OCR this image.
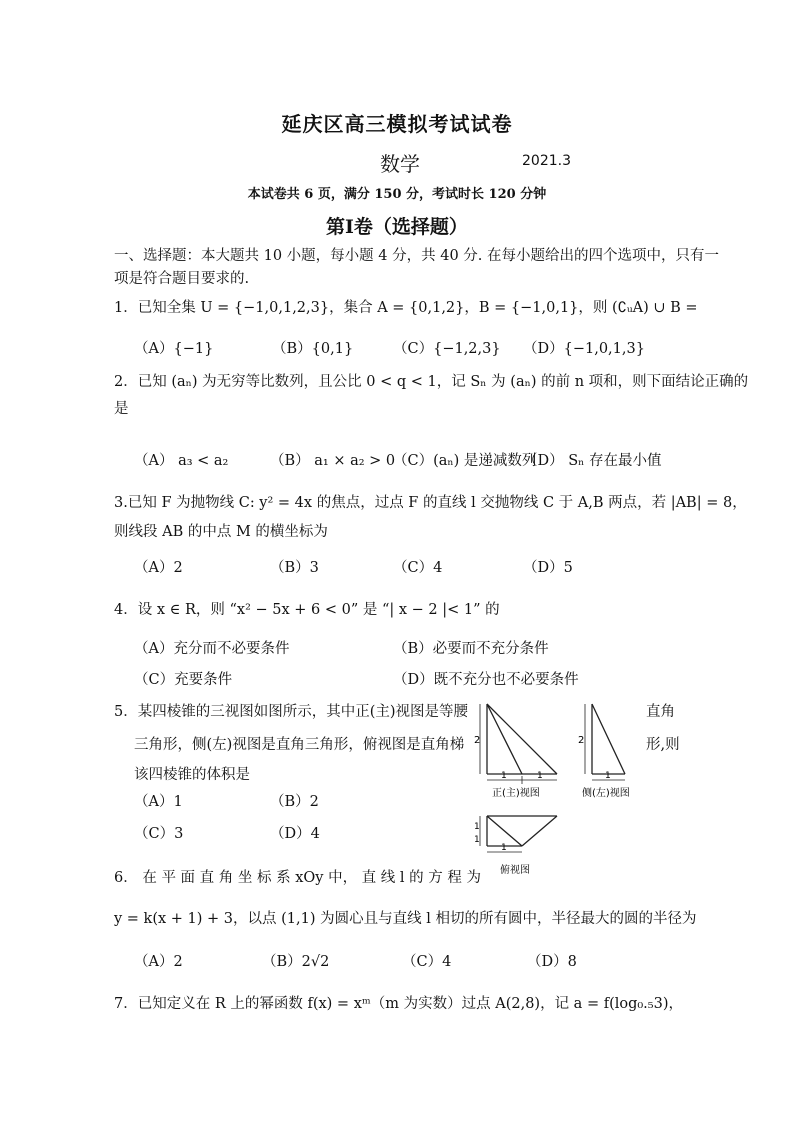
延庆区高三模拟考试试卷
数学	2021.3
本试卷共 6 页，满分 150 分，考试时长 120 分钟
第Ⅰ卷（选择题）
一、选择题：本大题共 10 小题，每小题 4 分，共 40 分. 在每小题给出的四个选项中，只有一
项是符合题目要求的.
1．已知全集 U = {−1,0,1,2,3}，集合 A = {0,1,2}，B = {−1,0,1}，则 (∁ᵤA) ∪ B =
（A）{−1}	（B）{0,1}	（C）{−1,2,3} （D）{−1,0,1,3}
2．已知 (aₙ) 为无穷等比数列，且公比 0 < q < 1，记 Sₙ 为 (aₙ) 的前 n 项和，则下面结论正确的
是
（A） a₃ < a₂	（B） a₁ × a₂ > 0
（C）(aₙ) 是递减数列
（D） Sₙ 存在最小值
3.已知 F 为抛物线 C: y² = 4x 的焦点，过点 F 的直线 l 交抛物线 C 于 A,B 两点，若 |AB| = 8，
则线段 AB 的中点 M 的横坐标为
（A）2	（B）3	（C）4	（D）5
4．设 x ∈ R，则 “x² − 5x + 6 < 0” 是 “| x − 2 |< 1” 的
（A）充分而不必要条件	（B）必要而不充分条件
（C）充要条件	（D）既不充分也不必要条件
5．某四棱锥的三视图如图所示，其中正(主)视图是等腰	直角
三角形，侧(左)视图是直角三角形，俯视图是直角梯	形,则
该四棱锥的体积是
（A）1	（B）2
（C）3	（D）4
2
1	1
正(主)视图
2
1
侧(左)视图
1
1
1
俯视图
6． 在 平 面 直 角 坐 标 系 xOy 中， 直 线 l 的 方 程 为
y = k(x + 1) + 3，以点 (1,1) 为圆心且与直线 l 相切的所有圆中，半径最大的圆的半径为
（A）2	（B）2√2	（C）4	（D）8
7．已知定义在 R 上的幂函数 f(x) = xᵐ（m 为实数）过点 A(2,8)，记 a = f(log₀.₅3)，
